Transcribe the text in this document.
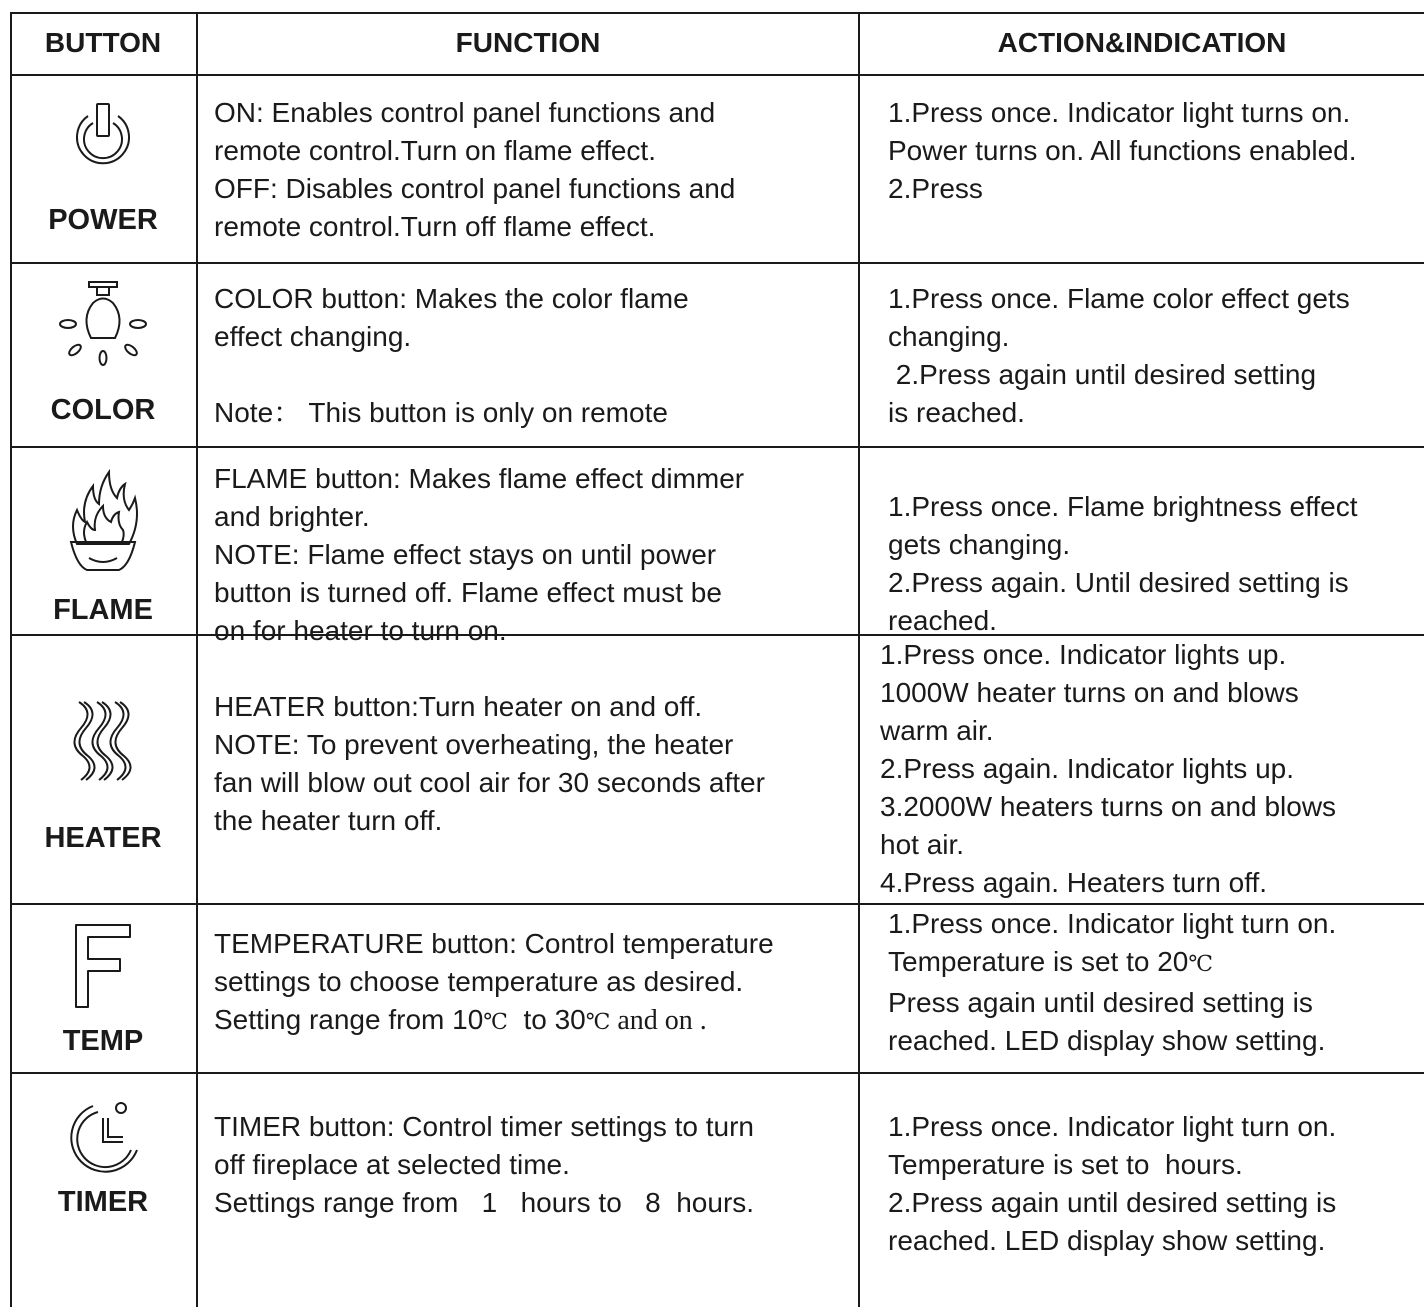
BUTTON	FUNCTION	ACTION&INDICATION
POWER
ON: Enables control panel functions and
remote control.Turn on flame effect.
OFF: Disables control panel functions and
remote control.Turn off flame effect.
1.Press once. Indicator light turns on.
Power turns on. All functions enabled.
2.Press
COLOR
COLOR button: Makes the color flame
effect changing.

Note： This button is only on remote
1.Press once. Flame color effect gets
changing.
2.Press again until desired setting
is reached.
FLAME
FLAME button: Makes flame effect dimmer
and brighter.
NOTE: Flame effect stays on until power
button is turned off. Flame effect must be
on for heater to turn on.
1.Press once. Flame brightness effect
gets changing.
2.Press again. Until desired setting is
reached.
HEATER
HEATER button:Turn heater on and off.
NOTE: To prevent overheating, the heater
fan will blow out cool air for 30 seconds after
the heater turn off.
1.Press once. Indicator lights up.
1000W heater turns on and blows
warm air.
2.Press again. Indicator lights up.
3.2000W heaters turns on and blows
hot air.
4.Press again. Heaters turn off.
TEMP
TEMPERATURE button: Control temperature
settings to choose temperature as desired.
Setting range from 10℃  to 30℃ and on .
1.Press once. Indicator light turn on.
Temperature is set to 20℃
Press again until desired setting is
reached. LED display show setting.
TIMER
TIMER button: Control timer settings to turn
off fireplace at selected time.
Settings range from   1   hours to   8  hours.
1.Press once. Indicator light turn on.
Temperature is set to  hours.
2.Press again until desired setting is
reached. LED display show setting.
